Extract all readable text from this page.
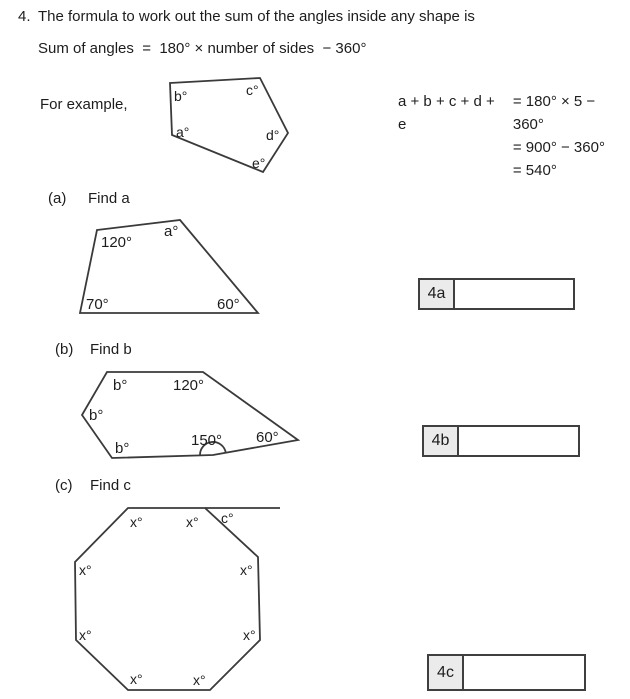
4. The formula to work out the sum of the angles inside any shape is
Sum of angles  =  180° × number of sides  − 360°
For example,	b°	c°
a°	d°
e°
a + b + c + d + e
= 180° × 5 − 360°
= 900° − 360°
= 540°
(a) Find a
120°
a°
70°	60°
4a
(b) Find b
b°	120°
b°
150° 60°
b°	4b
(c) Find c
x°	x° c°
x°	x°
x°	x°
x°	x°	4c
